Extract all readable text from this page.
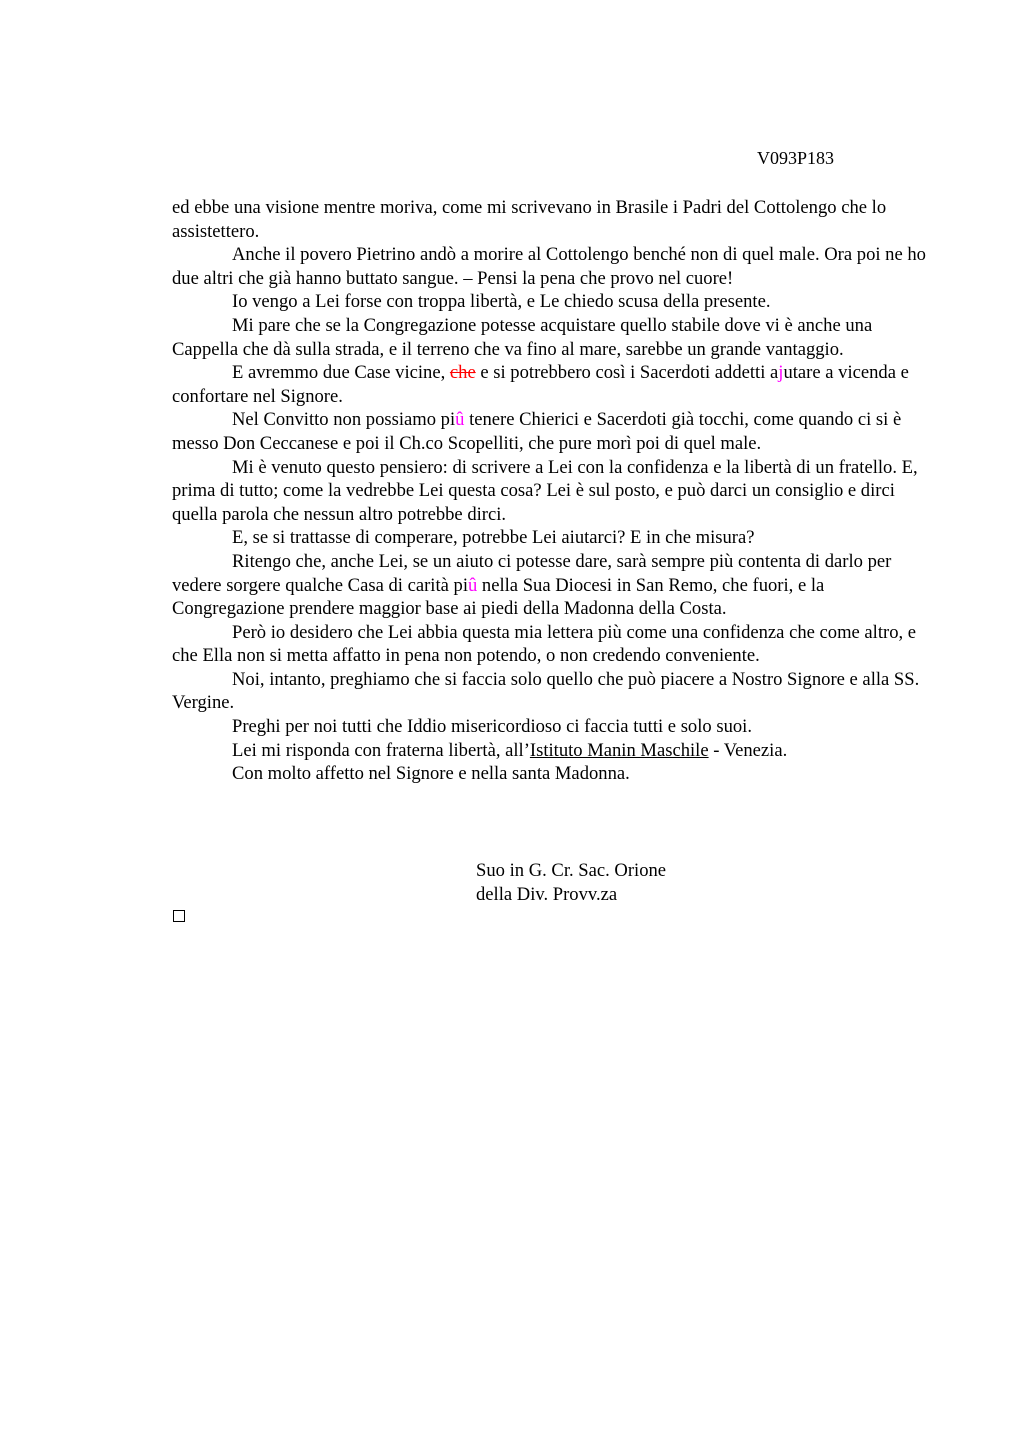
V093P183

ed ebbe una visione mentre moriva, come mi scrivevano in Brasile i Padri del Cottolengo che lo assistettero.

Anche il povero Pietrino andò a morire al Cottolengo benché non di quel male. Ora poi ne ho due altri che già hanno buttato sangue. – Pensi la pena che provo nel cuore!

Io vengo a Lei forse con troppa libertà, e Le chiedo scusa della presente.

Mi pare che se la Congregazione potesse acquistare quello stabile dove vi è anche una Cappella che dà sulla strada, e il terreno che va fino al mare, sarebbe un grande vantaggio.

E avremmo due Case vicine, che e si potrebbero così i Sacerdoti addetti ajutare a vicenda e confortare nel Signore.

Nel Convitto non possiamo piû tenere Chierici e Sacerdoti già tocchi, come quando ci si è messo Don Ceccanese e poi il Ch.co Scopelliti, che pure morì poi di quel male.

Mi è venuto questo pensiero: di scrivere a Lei con la confidenza e la libertà di un fratello. E, prima di tutto; come la vedrebbe Lei questa cosa? Lei è sul posto, e può darci un consiglio e dirci quella parola che nessun altro potrebbe dirci.

E, se si trattasse di comperare, potrebbe Lei aiutarci? E in che misura?

Ritengo che, anche Lei, se un aiuto ci potesse dare, sarà sempre più contenta di darlo per vedere sorgere qualche Casa di carità piû nella Sua Diocesi in San Remo, che fuori, e la Congregazione prendere maggior base ai piedi della Madonna della Costa.

Però io desidero che Lei abbia questa mia lettera più come una confidenza che come altro, e che Ella non si metta affatto in pena non potendo, o non credendo conveniente.

Noi, intanto, preghiamo che si faccia solo quello che può piacere a Nostro Signore e alla SS. Vergine.

Preghi per noi tutti che Iddio misericordioso ci faccia tutti e solo suoi.

Lei mi risponda con fraterna libertà, all’Istituto Manin Maschile - Venezia.

Con molto affetto nel Signore e nella santa Madonna.

Suo in G. Cr. Sac. Orione
della Div. Provv.za
